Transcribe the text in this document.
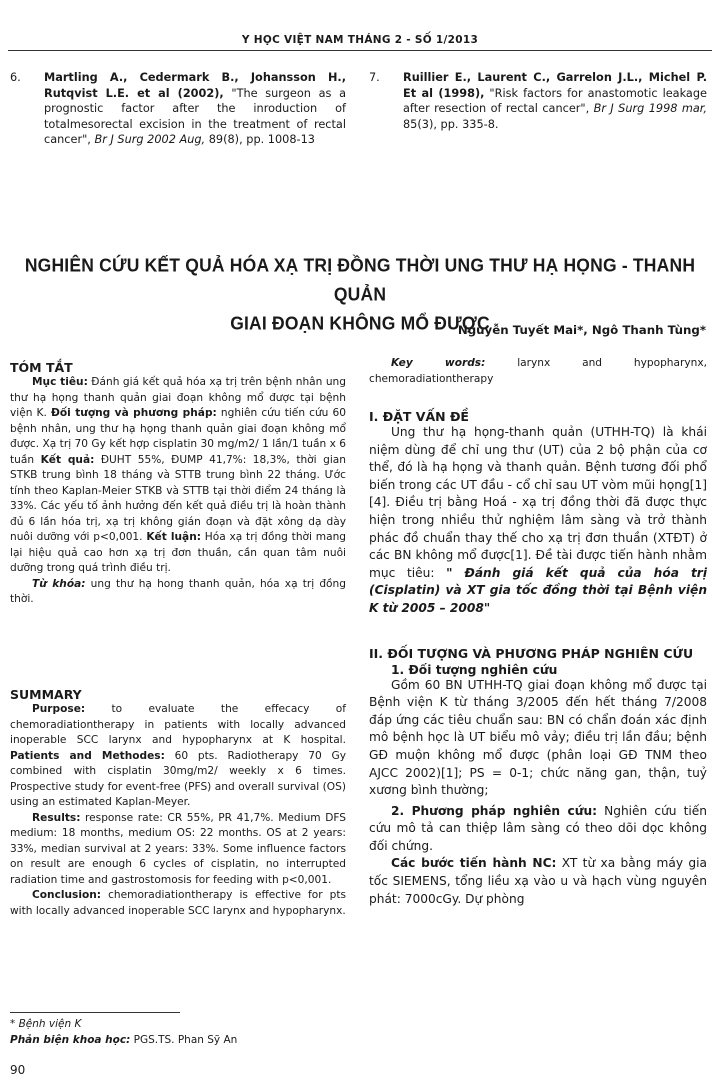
Y HỌC VIỆT NAM THÁNG 2 - SỐ 1/2013
6. Martling A., Cedermark B., Johansson H., Rutqvist L.E. et al (2002), "The surgeon as a prognostic factor after the inroduction of totalmesorectal excision in the treatment of rectal cancer", Br J Surg 2002 Aug, 89(8), pp. 1008-13
7. Ruillier E., Laurent C., Garrelon J.L., Michel P. Et al (1998), "Risk factors for anastomotic leakage after resection of rectal cancer", Br J Surg 1998 mar, 85(3), pp. 335-8.
NGHIÊN CỨU KẾT QUẢ HÓA XẠ TRỊ ĐỒNG THỜI UNG THƯ HẠ HỌNG - THANH QUẢN
GIAI ĐOẠN KHÔNG MỔ ĐƯỢC
Nguyễn Tuyết Mai*, Ngô Thanh Tùng*
TÓM TẮT

Mục tiêu: Đánh giá kết quả hóa xạ trị trên bệnh nhân ung thư hạ họng thanh quản giai đoạn không mổ được tại bệnh viện K. Đối tượng và phương pháp: nghiên cứu tiến cứu 60 bệnh nhân, ung thư hạ họng thanh quản giai đoạn không mổ được. Xạ trị 70 Gy kết hợp cisplatin 30 mg/m2/ 1 lần/1 tuần x 6 tuần Kết quả: ĐUHT 55%, ĐUMP 41,7%: 18,3%, thời gian STKB trung bình 18 tháng và STTB trung bình 22 tháng. Ước tính theo Kaplan-Meier STKB và STTB tại thời điểm 24 tháng là 33%. Các yếu tố ảnh hưởng đến kết quả điều trị là hoàn thành đủ 6 lần hóa trị, xạ trị không gián đoạn và đặt xông dạ dày nuôi dưỡng với p<0,001. Kết luận: Hóa xạ trị đồng thời mang lại hiệu quả cao hơn xạ trị đơn thuần, cần quan tâm nuôi dưỡng trong quá trình điều trị.

Từ khóa: ung thư hạ hong thanh quản, hóa xạ trị đồng thời.

SUMMARY

Purpose: to evaluate the effecacy of chemoradiationtherapy in patients with locally advanced inoperable SCC larynx and hypopharynx at K hospital. Patients and Methodes: 60 pts. Radiotherapy 70 Gy combined with cisplatin 30mg/m2/ weekly x 6 times. Prospective study for event-free (PFS) and overall survival (OS) using an estimated Kaplan-Meyer.

Results: response rate: CR 55%, PR 41,7%. Medium DFS medium: 18 months, medium OS: 22 months. OS at 2 years: 33%, median survival at 2 years: 33%. Some influence factors on result are enough 6 cycles of cisplatin, no interrupted radiation time and gastrostomosis for feeding with p<0,001.

Conclusion: chemoradiationtherapy is effective for pts with locally advanced inoperable SCC larynx and hypopharynx.

Key words: larynx and hypopharynx, chemoradiationtherapy

I. ĐẶT VẤN ĐỀ

Ung thư hạ họng-thanh quản (UTHH-TQ) là khái niệm dùng để chỉ ung thư (UT) của 2 bộ phận của cơ thể, đó là hạ họng và thanh quản. Bệnh tương đối phổ biến trong các UT đầu - cổ chỉ sau UT vòm mũi họng[1][4]. Điều trị bằng Hoá - xạ trị đồng thời đã được thực hiện trong nhiều thử nghiệm lâm sàng và trở thành phác đồ chuẩn thay thế cho xạ trị đơn thuần (XTĐT) ở các BN không mổ được[1]. Đề tài được tiến hành nhằm mục tiêu: " Đánh giá kết quả của hóa trị (Cisplatin) và XT gia tốc đồng thời tại Bệnh viện K từ 2005 – 2008"

II. ĐỐI TƯỢNG VÀ PHƯƠNG PHÁP NGHIÊN CỨU
1. Đối tượng nghiên cứu

Gồm 60 BN UTHH-TQ giai đoạn không mổ được tại Bệnh viện K từ tháng 3/2005 đến hết tháng 7/2008 đáp ứng các tiêu chuẩn sau: BN có chẩn đoán xác định mô bệnh học là UT biểu mô vảy; điều trị lần đầu; bệnh GĐ muộn không mổ được (phân loại GĐ TNM theo AJCC 2002)[1]; PS = 0-1; chức năng gan, thận, tuỷ xương bình thường;

2. Phương pháp nghiên cứu: Nghiên cứu tiến cứu mô tả can thiệp lâm sàng có theo dõi dọc không đối chứng.

Các bước tiến hành NC: XT từ xa bằng máy gia tốc SIEMENS, tổng liều xạ vào u và hạch vùng nguyên phát: 7000cGy. Dự phòng

* Bệnh viện K
Phản biện khoa học: PGS.TS. Phan Sỹ An
90
